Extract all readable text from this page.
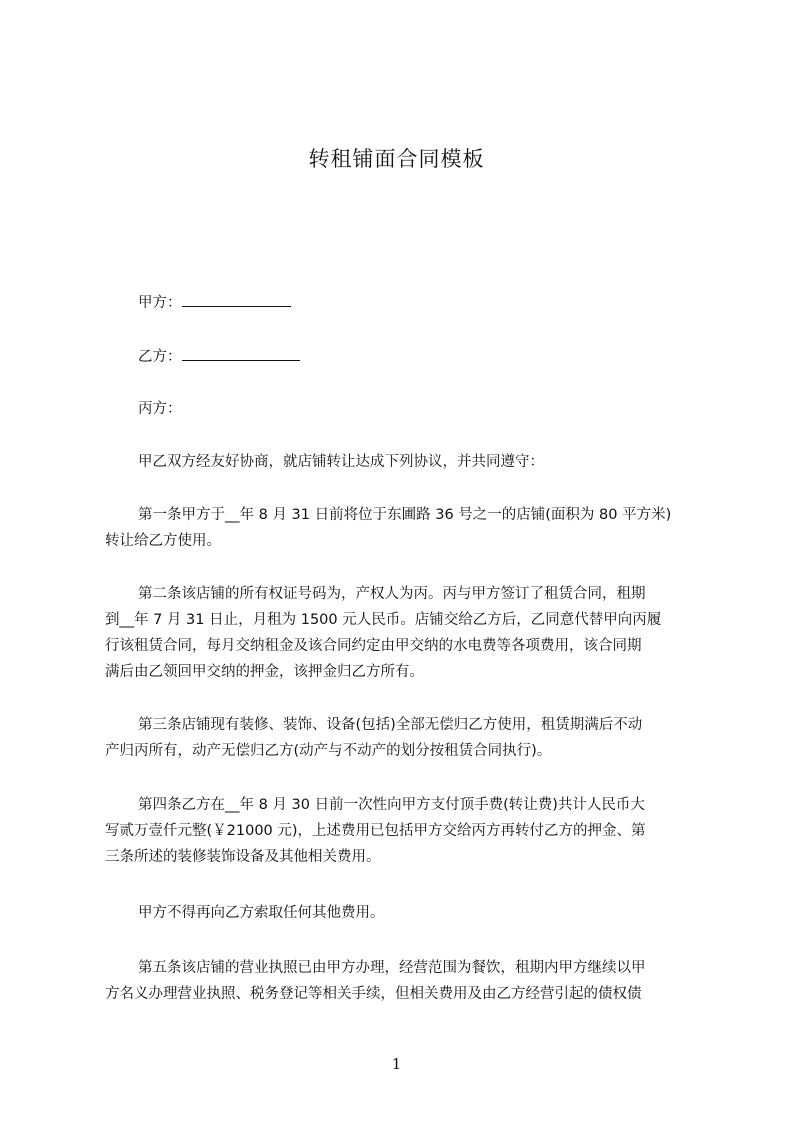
转租铺面合同模板
甲方：
乙方：
丙方：
甲乙双方经友好协商，就店铺转让达成下列协议，并共同遵守：
第一条甲方于__年 8 月 31 日前将位于东圃路 36 号之一的店铺(面积为 80 平方米)
转让给乙方使用。
第二条该店铺的所有权证号码为，产权人为丙。丙与甲方签订了租赁合同，租期
到__年 7 月 31 日止，月租为 1500 元人民币。店铺交给乙方后，乙同意代替甲向丙履
行该租赁合同，每月交纳租金及该合同约定由甲交纳的水电费等各项费用，该合同期
满后由乙领回甲交纳的押金，该押金归乙方所有。
第三条店铺现有装修、装饰、设备(包括)全部无偿归乙方使用，租赁期满后不动
产归丙所有，动产无偿归乙方(动产与不动产的划分按租赁合同执行)。
第四条乙方在__年 8 月 30 日前一次性向甲方支付顶手费(转让费)共计人民币大
写贰万壹仟元整(￥21000 元)，上述费用已包括甲方交给丙方再转付乙方的押金、第
三条所述的装修装饰设备及其他相关费用。
甲方不得再向乙方索取任何其他费用。
第五条该店铺的营业执照已由甲方办理，经营范围为餐饮，租期内甲方继续以甲
方名义办理营业执照、税务登记等相关手续，但相关费用及由乙方经营引起的债权债
1
